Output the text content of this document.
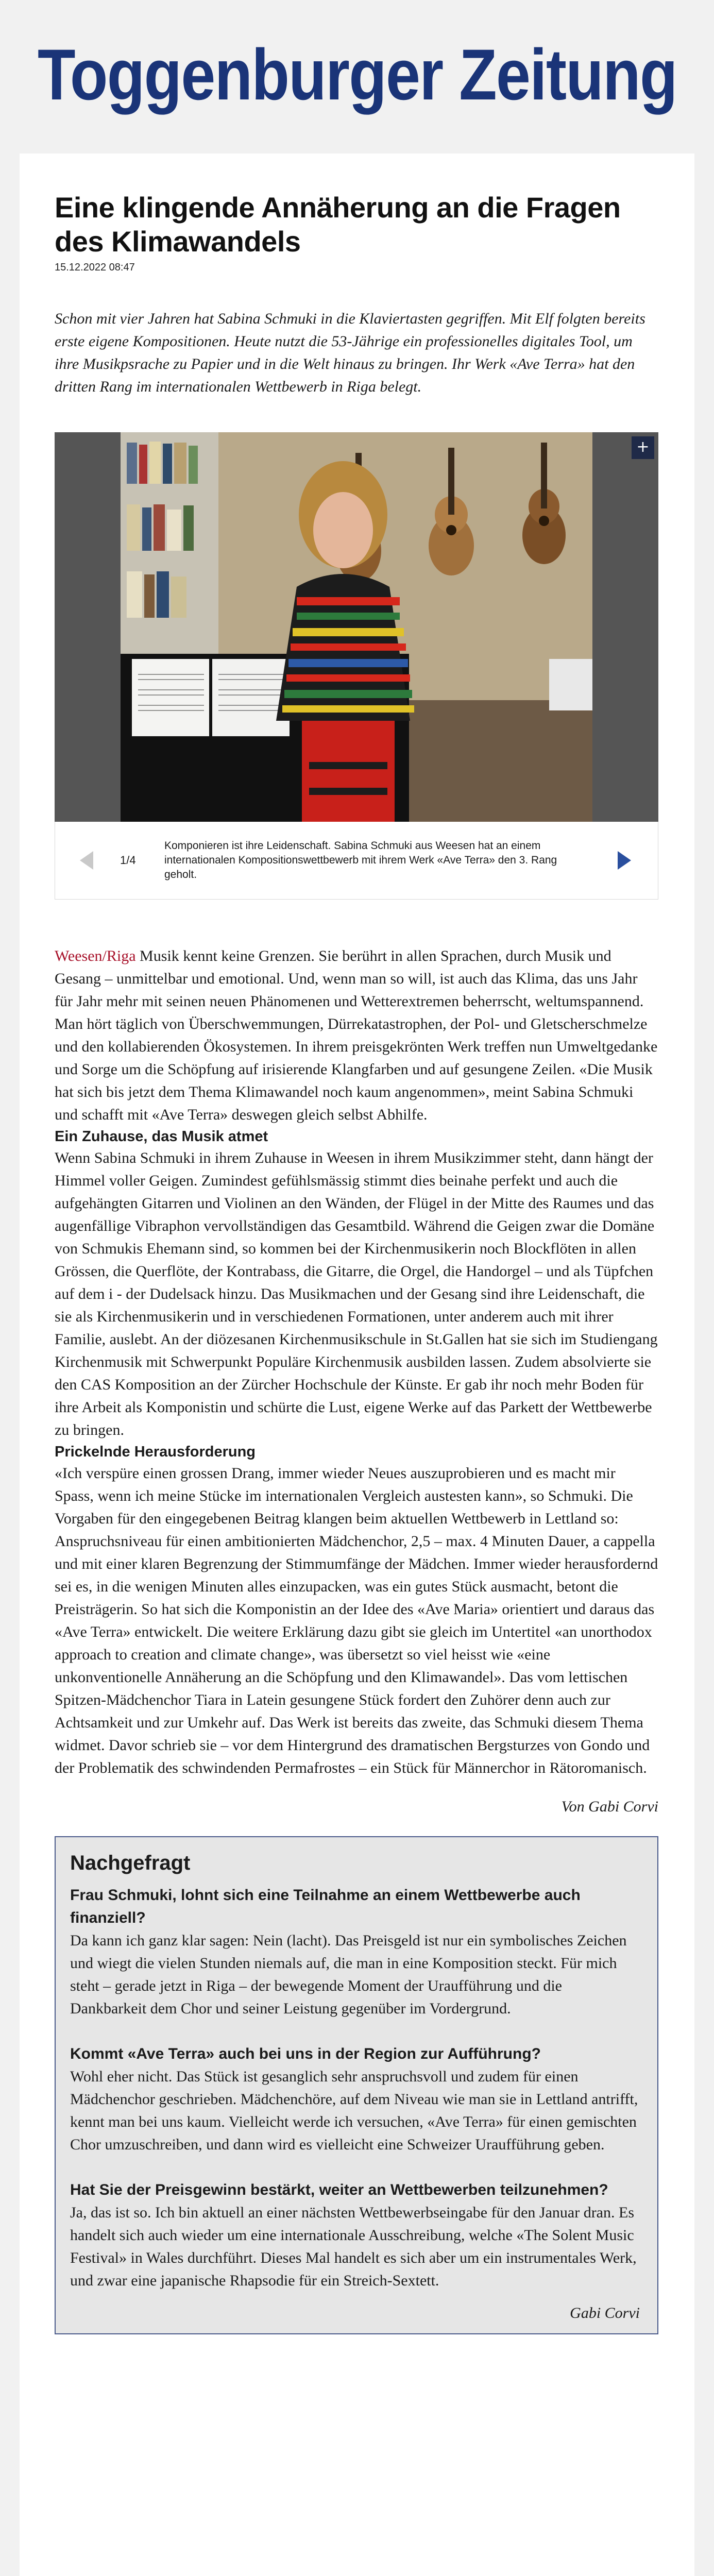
Toggenburger Zeitung
Eine klingende Annäherung an die Fragen des Klimawandels
15.12.2022 08:47
Schon mit vier Jahren hat Sabina Schmuki in die Klaviertasten gegriffen. Mit Elf folgten bereits erste eigene Kompositionen. Heute nutzt die 53-Jährige ein professionelles digitales Tool, um ihre Musikpsrache zu Papier und in die Welt hinaus zu bringen. Ihr Werk «Ave Terra» hat den dritten Rang im internationalen Wettbewerb in Riga belegt.
+
1/4
Komponieren ist ihre Leidenschaft. Sabina Schmuki aus Weesen hat an einem internationalen Kompositionswettbewerb mit ihrem Werk «Ave Terra» den 3. Rang geholt.
Weesen/Riga Musik kennt keine Grenzen. Sie berührt in allen Sprachen, durch Musik und Gesang – unmittelbar und emotional. Und, wenn man so will, ist auch das Klima, das uns Jahr für Jahr mehr mit seinen neuen Phänomenen und Wetterextremen beherrscht, weltumspannend. Man hört täglich von Überschwemmungen, Dürrekatastrophen, der Pol- und Gletscherschmelze und den kollabierenden Ökosystemen. In ihrem preisgekrönten Werk treffen nun Umweltgedanke und Sorge um die Schöpfung auf irisierende Klangfarben und auf gesungene Zeilen. «Die Musik hat sich bis jetzt dem Thema Klimawandel noch kaum angenommen», meint Sabina Schmuki und schafft mit «Ave Terra» deswegen gleich selbst Abhilfe.
Ein Zuhause, das Musik atmet
Wenn Sabina Schmuki in ihrem Zuhause in Weesen in ihrem Musikzimmer steht, dann hängt der Himmel voller Geigen. Zumindest gefühlsmässig stimmt dies beinahe perfekt und auch die aufgehängten Gitarren und Violinen an den Wänden, der Flügel in der Mitte des Raumes und das augenfällige Vibraphon vervollständigen das Gesamtbild. Während die Geigen zwar die Domäne von Schmukis Ehemann sind, so kommen bei der Kirchenmusikerin noch Blockflöten in allen Grössen, die Querflöte, der Kontrabass, die Gitarre, die Orgel, die Handorgel – und als Tüpfchen auf dem i - der Dudelsack hinzu. Das Musikmachen und der Gesang sind ihre Leidenschaft, die sie als Kirchenmusikerin und in verschiedenen Formationen, unter anderem auch mit ihrer Familie, auslebt. An der diözesanen Kirchenmusikschule in St.Gallen hat sie sich im Studiengang Kirchenmusik mit Schwerpunkt Populäre Kirchenmusik ausbilden lassen. Zudem absolvierte sie den CAS Komposition an der Zürcher Hochschule der Künste. Er gab ihr noch mehr Boden für ihre Arbeit als Komponistin und schürte die Lust, eigene Werke auf das Parkett der Wettbewerbe zu bringen.
Prickelnde Herausforderung
«Ich verspüre einen grossen Drang, immer wieder Neues auszuprobieren und es macht mir Spass, wenn ich meine Stücke im internationalen Vergleich austesten kann», so Schmuki. Die Vorgaben für den eingegebenen Beitrag klangen beim aktuellen Wettbewerb in Lettland so: Anspruchsniveau für einen ambitionierten Mädchenchor, 2,5 – max. 4 Minuten Dauer, a cappella und mit einer klaren Begrenzung der Stimmumfänge der Mädchen. Immer wieder herausfordernd sei es, in die wenigen Minuten alles einzupacken, was ein gutes Stück ausmacht, betont die Preisträgerin. So hat sich die Komponistin an der Idee des «Ave Maria» orientiert und daraus das «Ave Terra» entwickelt. Die weitere Erklärung dazu gibt sie gleich im Untertitel «an unorthodox approach to creation and climate change», was übersetzt so viel heisst wie «eine unkonventionelle Annäherung an die Schöpfung und den Klimawandel». Das vom lettischen Spitzen-Mädchenchor Tiara in Latein gesungene Stück fordert den Zuhörer denn auch zur Achtsamkeit und zur Umkehr auf. Das Werk ist bereits das zweite, das Schmuki diesem Thema widmet. Davor schrieb sie – vor dem Hintergrund des dramatischen Bergsturzes von Gondo und der Problematik des schwindenden Permafrostes – ein Stück für Männerchor in Rätoromanisch.
Von Gabi Corvi
Nachgefragt
Frau Schmuki, lohnt sich eine Teilnahme an einem Wettbewerbe auch finanziell?
Da kann ich ganz klar sagen: Nein (lacht). Das Preisgeld ist nur ein symbolisches Zeichen und wiegt die vielen Stunden niemals auf, die man in eine Komposition steckt. Für mich steht – gerade jetzt in Riga – der bewegende Moment der Uraufführung und die Dankbarkeit dem Chor und seiner Leistung gegenüber im Vordergrund.
Kommt «Ave Terra» auch bei uns in der Region zur Aufführung?
Wohl eher nicht. Das Stück ist gesanglich sehr anspruchsvoll und zudem für einen Mädchenchor geschrieben. Mädchenchöre, auf dem Niveau wie man sie in Lettland antrifft, kennt man bei uns kaum. Vielleicht werde ich versuchen, «Ave Terra» für einen gemischten Chor umzuschreiben, und dann wird es vielleicht eine Schweizer Uraufführung geben.
Hat Sie der Preisgewinn bestärkt, weiter an Wettbewerben teilzunehmen?
Ja, das ist so. Ich bin aktuell an einer nächsten Wettbewerbseingabe für den Januar dran. Es handelt sich auch wieder um eine internationale Ausschreibung, welche «The Solent Music Festival» in Wales durchführt. Dieses Mal handelt es sich aber um ein instrumentales Werk, und zwar eine japanische Rhapsodie für ein Streich-Sextett.
Gabi Corvi
